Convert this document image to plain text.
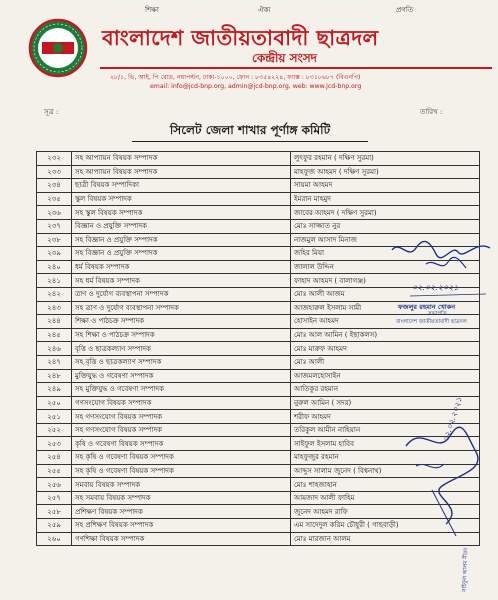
শিক্ষা	ঐক্য	প্রগতি
বাংলাদেশ জাতীয়তাবাদী ছাত্রদল
কেন্দ্রীয় সংসদ
২৮/১, ভি, আই, পি রোড, নয়াপল্টন, ঢাকা-১০০০, ফোন : ৮৩৫৪২২৪, ফ্যাক্স : ৮৩১৮৬৮৭ (বিএনপি)
email: info@jcd-bnp.org, admin@jcd-bnp.org, web: www.jcd-bnp.org
সূত্র :	তারিখ :
সিলেট জেলা শাখার পূর্ণাঙ্গ কমিটি
২৩২	সহ আপ্যায়ন বিষয়ক সম্পাদক	লুৎফুর রহমান ( দক্ষিণ সুরমা)
২৩৩	সহ আপ্যায়ন বিষয়ক সম্পাদক	মাহফুজ আহমদ ( দক্ষিণ সুরমা)
২৩৪	ছাত্রী বিষয়ক সম্পাদিকা	সায়মা আহমদ
২৩৫	স্কুল বিষয়ক সম্পাদক	ইমরান মাহমুদ
২৩৬	সহ স্কুল বিষয়ক সম্পাদক	জাবের আহমদ ( দক্ষিণ সুরমা)
২৩৭	বিজ্ঞান ও প্রযুক্তি সম্পাদক	মোঃ সাজ্জাত নুর
২৩৮	সহ বিজ্ঞান ও প্রযুক্তি সম্পাদক	নাজমুল আসাদ মিনাজ
২৩৯	সহ বিজ্ঞান ও প্রযুক্তি সম্পাদক	জহির মিয়া
২৪০	ধর্ম বিষয়ক সম্পাদক	জালাল উদ্দিন
২৪১	সহ ধর্ম বিষয়ক সম্পাদক	ফাহাদ আহমদ ( বালাগঞ্জ)
২৪২	ত্রাণ ও দুর্যোগ ব্যবস্থাপনা সম্পাদক	মোঃ আলী আজম
২৪৩	সহ ত্রাণ ও দুর্যোগ ব্যবস্থাপনা সম্পাদক	আজহারুল ইসলাম সামী
২৪৪	শিক্ষা ও পাঠচক্র সম্পাদক	হোসাইন আহমদ
২৪৫	সহ শিক্ষা ও পাঠচক্র সম্পাদক	মোঃ আল আমিন ( ইছাকলস)
২৪৬	বৃত্তি ও ছাত্রকল্যাণ সম্পাদক	মোঃ মারুফ আহমদ
২৪৭	সহ বৃত্তি ও ছাত্রকল্যাণ সম্পাদক	মোঃ আলী
২৪৮	মুক্তিযুদ্ধ ও গবেষণা সম্পাদক	আজমলহোসাইন
২৪৯	সহ মুক্তিযুদ্ধ ও গবেষণা সম্পাদক	আতিকুর রহমান
২৫০	গণসংযোগ বিষয়ক সম্পাদক	নুরুল আমিন ( সদর)
২৫১	সহ গণসংযোগ বিষয়ক সম্পাদক	শরীফ আহমদ
২৫২	সহ গণসংযোগ বিষয়ক সম্পাদক	তরিকুল আমীন নাহিয়ান
২৫৩	কৃষি ও গবেষণা বিষয়ক সম্পাদক	সাইফুল ইসলাম হাবিব
২৫৪	সহ কৃষি ও গবেষণা বিষয়ক সম্পাদক	মাহফুজুর রহমান
২৫৫	সহ কৃষি ও গবেষণা বিষয়ক সম্পাদক	আব্দুস সালাম জুনেদ ( বিশ্বনাথ)
২৫৬	সমবায় বিষয়ক সম্পাদক	মোঃ শাহজাহান
২৫৭	সহ সমবায় বিষয়ক সম্পাদক	আমজাদ আলী ফাহিম
২৫৮	প্রশিক্ষণ বিষয়ক সম্পাদক	জুনেদ আহমদ রাফি
২৫৯	সহ প্রশিক্ষণ বিষয়ক সম্পাদক	এম সাদেদুল করিম চৌধুরী ( গাছবাড়ী)
২৬০	গণশিক্ষা বিষয়ক সম্পাদক	মোঃ মারজান আলম
০২.০২.২০২১
ফজলুর রহমান খোকন
সভাপতি
বাংলাদেশ জাতীয়তাবাদী ছাত্রদল
০২.০২.২০২১
সাইফুল আলম নীরব
